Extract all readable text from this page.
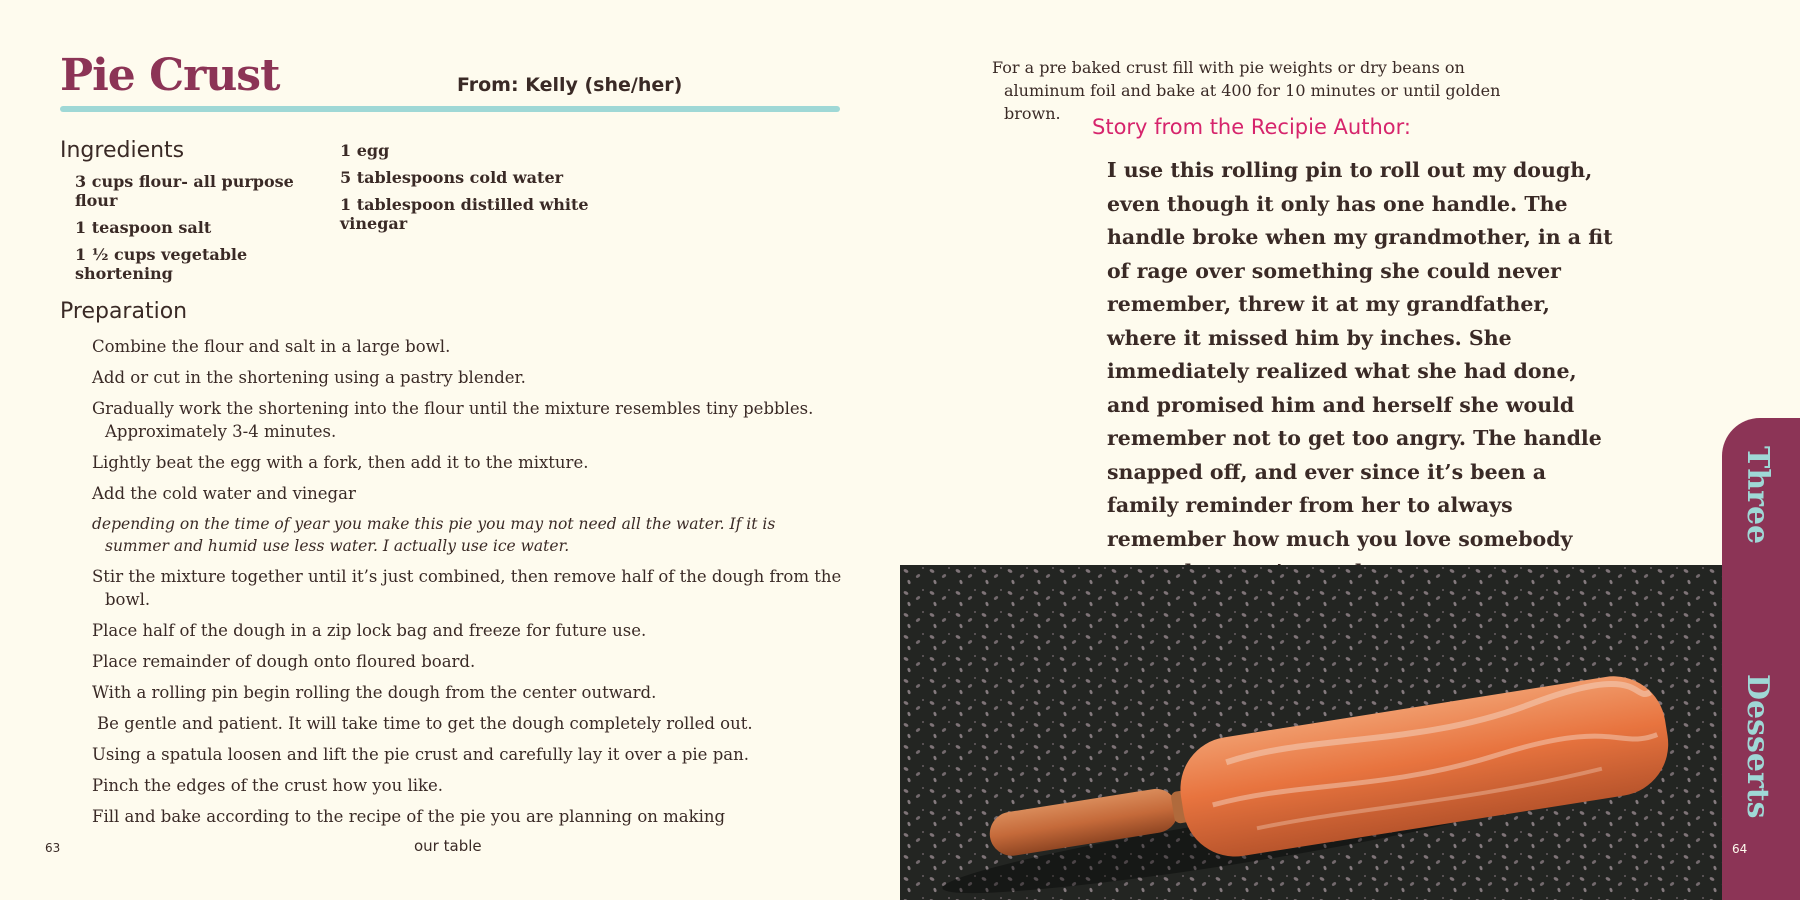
Pie Crust	From: Kelly (she/her)
Ingredients
3 cups flour- all purpose flour
1 teaspoon salt
1 ½ cups vegetable shortening
1 egg
5 tablespoons cold water
1 tablespoon distilled white vinegar
Preparation
Combine the flour and salt in a large bowl.
Add or cut in the shortening using a pastry blender.
Gradually work the shortening into the flour until the mixture resembles tiny pebbles. Approximately 3-4 minutes.
Lightly beat the egg with a fork, then add it to the mixture.
Add the cold water and vinegar
depending on the time of year you make this pie you may not need all the water. If it is summer and humid use less water. I actually use ice water.
Stir the mixture together until it’s just combined, then remove half of the dough from the bowl.
Place half of the dough in a zip lock bag and freeze for future use.
Place remainder of dough onto floured board.
With a rolling pin begin rolling the dough from the center outward.
Be gentle and patient. It will take time to get the dough completely rolled out.
Using a spatula loosen and lift the pie crust and carefully lay it over a pie pan.
Pinch the edges of the crust how you like.
Fill and bake according to the recipe of the pie you are planning on making
63	our table
For a pre baked crust fill with pie weights or dry beans on aluminum foil and bake at 400 for 10 minutes or until golden brown.
Story from the Recipie Author:
I use this rolling pin to roll out my dough, even though it only has one handle. The handle broke when my grandmother, in a fit of rage over something she could never remember, threw it at my grandfather, where it missed him by inches. She immediately realized what she had done, and promised him and herself she would remember not to get too angry. The handle snapped off, and ever since it’s been a family reminder from her to always remember how much you love somebody	Three
Desserts
64
